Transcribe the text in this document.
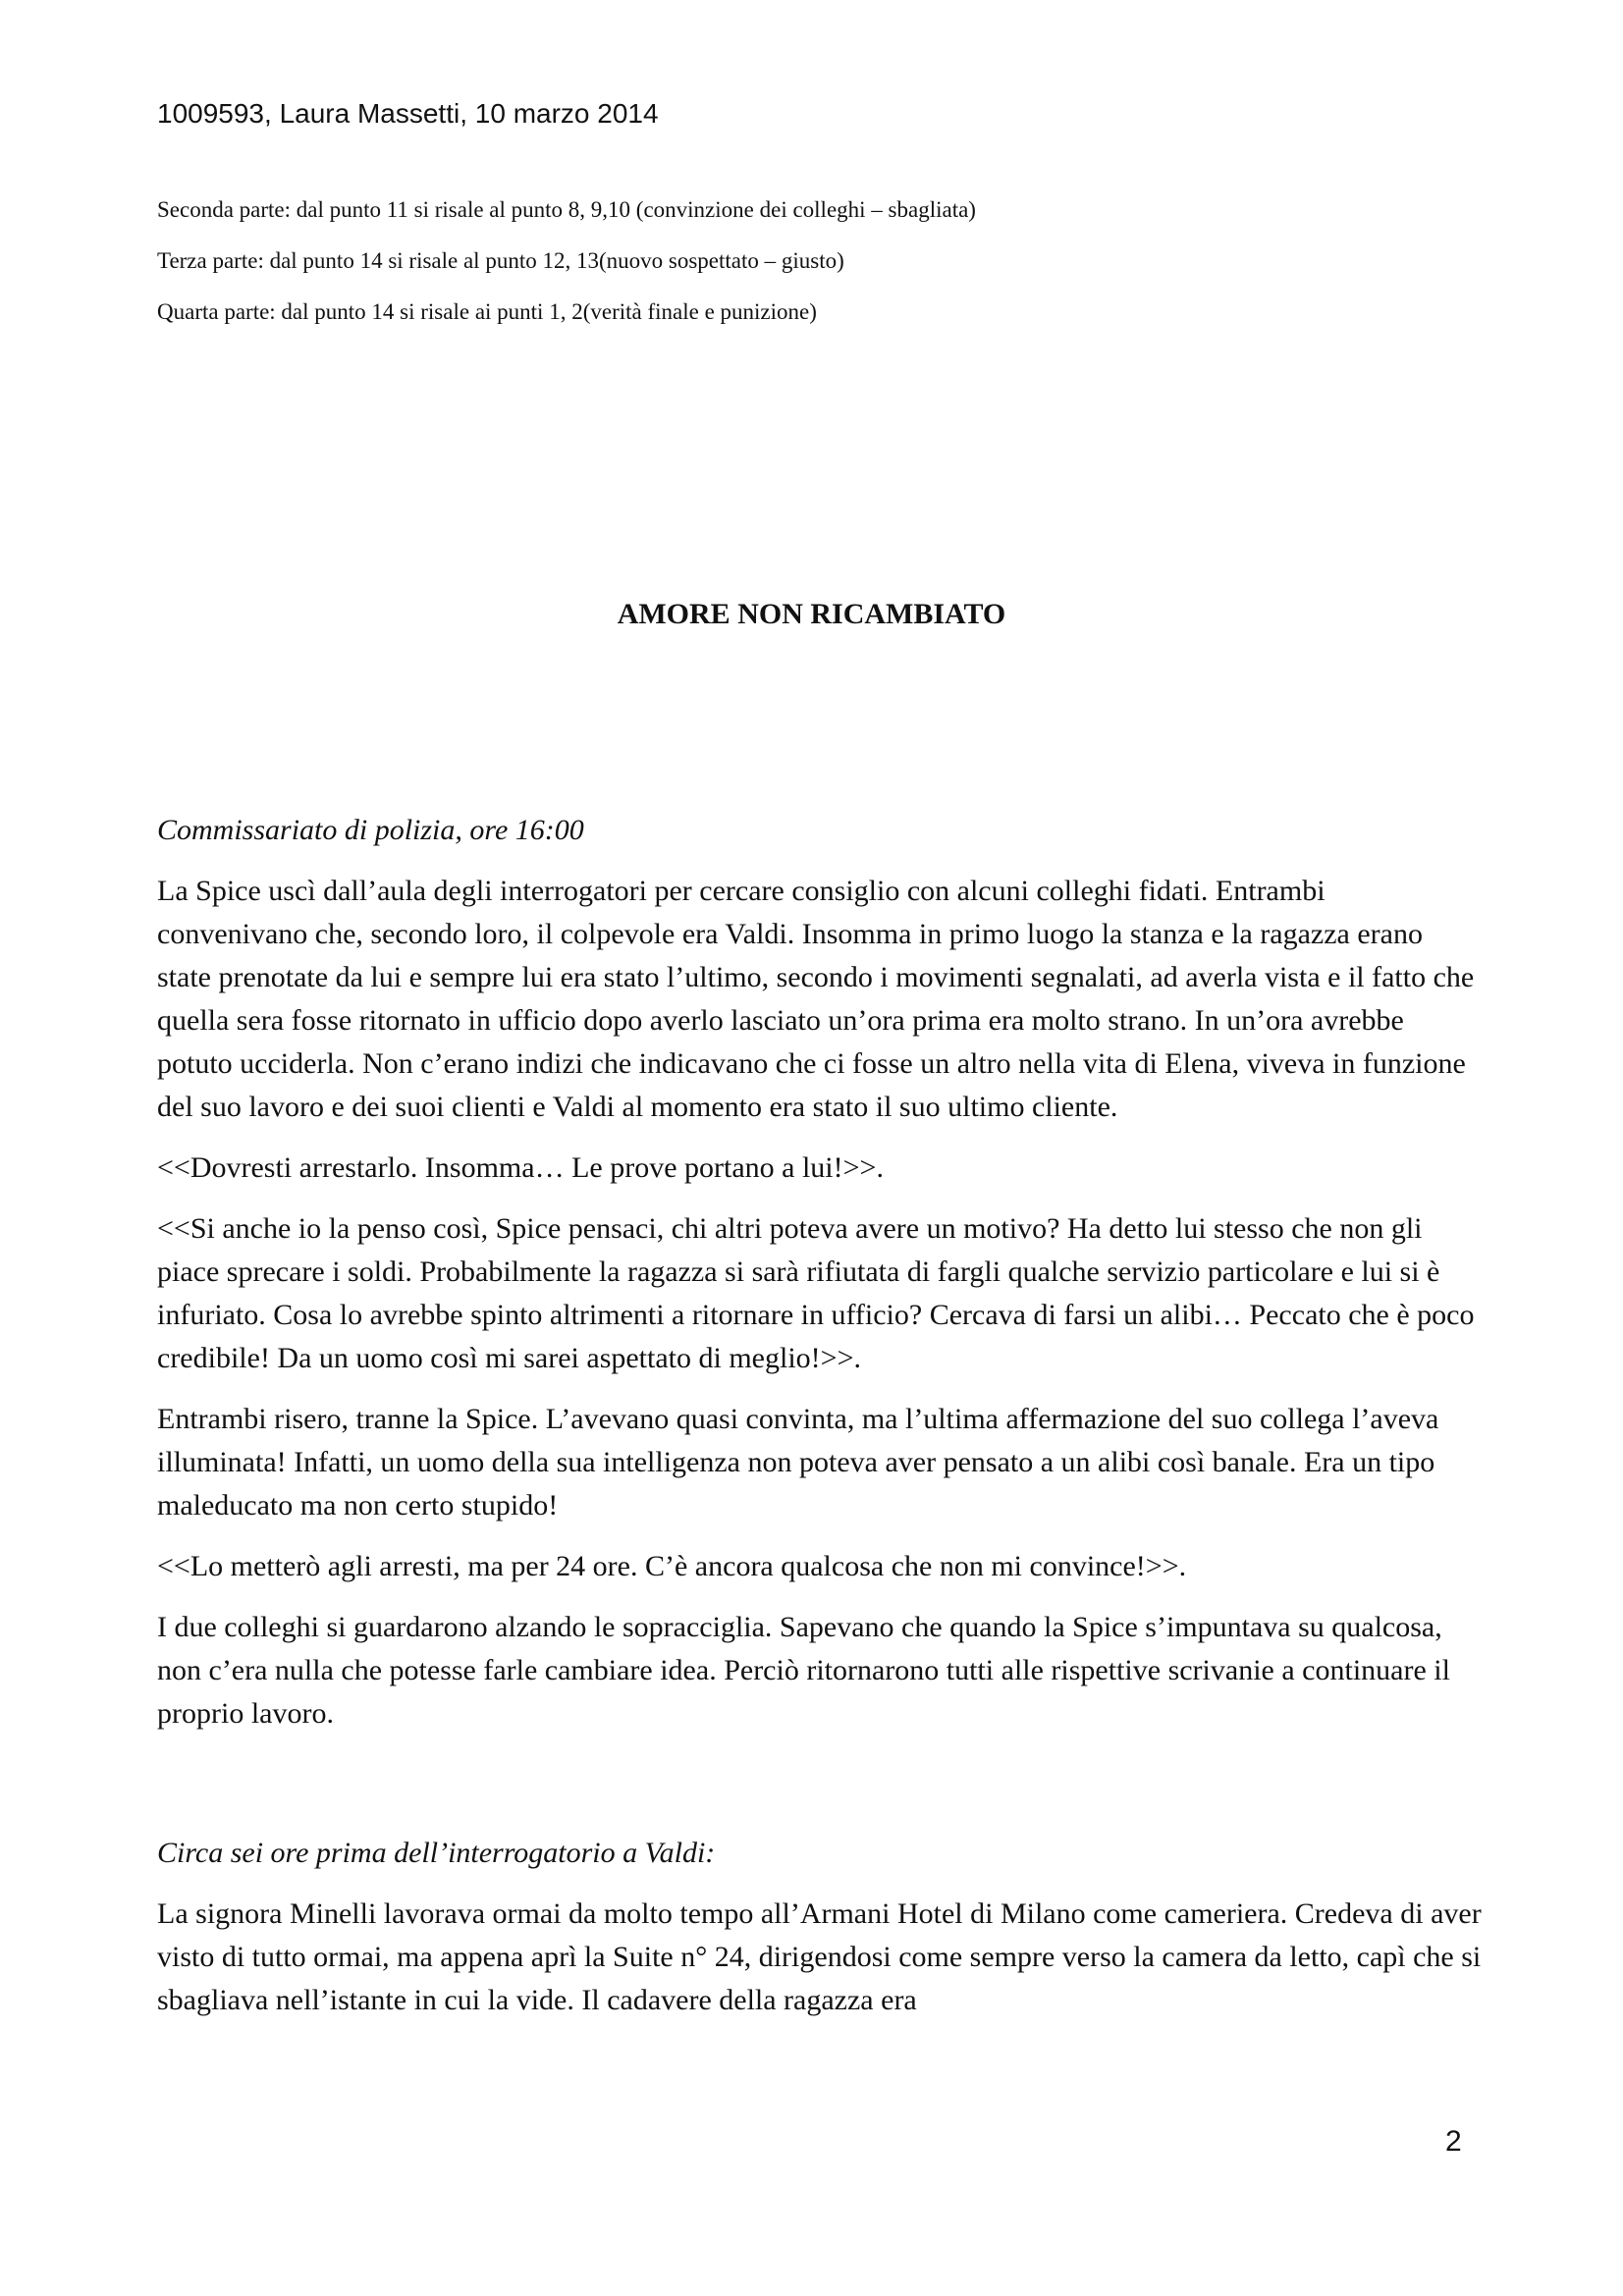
1009593, Laura Massetti, 10 marzo 2014

Seconda parte: dal punto 11 si risale al punto 8, 9,10 (convinzione dei colleghi – sbagliata)

Terza parte: dal punto 14 si risale al punto 12, 13(nuovo sospettato – giusto)

Quarta parte: dal punto 14 si risale ai punti 1, 2(verità finale e punizione)

AMORE NON RICAMBIATO

Commissariato di polizia, ore 16:00

La Spice uscì dall’aula degli interrogatori per cercare consiglio con alcuni colleghi fidati. Entrambi convenivano che, secondo loro, il colpevole era Valdi. Insomma in primo luogo la stanza e la ragazza erano state prenotate da lui e sempre lui era stato l’ultimo, secondo i movimenti segnalati, ad averla vista e il fatto che quella sera fosse ritornato in ufficio dopo averlo lasciato un’ora prima era molto strano. In un’ora avrebbe potuto ucciderla. Non c’erano indizi che indicavano che ci fosse un altro nella vita di Elena, viveva in funzione del suo lavoro e dei suoi clienti e Valdi al momento era stato il suo ultimo cliente.

<<Dovresti arrestarlo. Insomma… Le prove portano a lui!>>.

<<Si anche io la penso così, Spice pensaci, chi altri poteva avere un motivo? Ha detto lui stesso che non gli piace sprecare i soldi. Probabilmente la ragazza si sarà rifiutata di fargli qualche servizio particolare e lui si è infuriato. Cosa lo avrebbe spinto altrimenti a ritornare in ufficio? Cercava di farsi un alibi… Peccato che è poco credibile! Da un uomo così mi sarei aspettato di meglio!>>.

Entrambi risero, tranne la Spice. L’avevano quasi convinta, ma l’ultima affermazione del suo collega l’aveva illuminata! Infatti, un uomo della sua intelligenza non poteva aver pensato a un alibi così banale. Era un tipo maleducato ma non certo stupido!

<<Lo metterò agli arresti, ma per 24 ore. C’è ancora qualcosa che non mi convince!>>.

I due colleghi si guardarono alzando le sopracciglia. Sapevano che quando la Spice s’impuntava su qualcosa, non c’era nulla che potesse farle cambiare idea. Perciò ritornarono tutti alle rispettive scrivanie a continuare il proprio lavoro.

Circa sei ore prima dell’interrogatorio a Valdi:

La signora Minelli lavorava ormai da molto tempo all’Armani Hotel di Milano come cameriera. Credeva di aver visto di tutto ormai, ma appena aprì la Suite n° 24, dirigendosi come sempre verso la camera da letto, capì che si sbagliava nell’istante in cui la vide. Il cadavere della ragazza era

2
